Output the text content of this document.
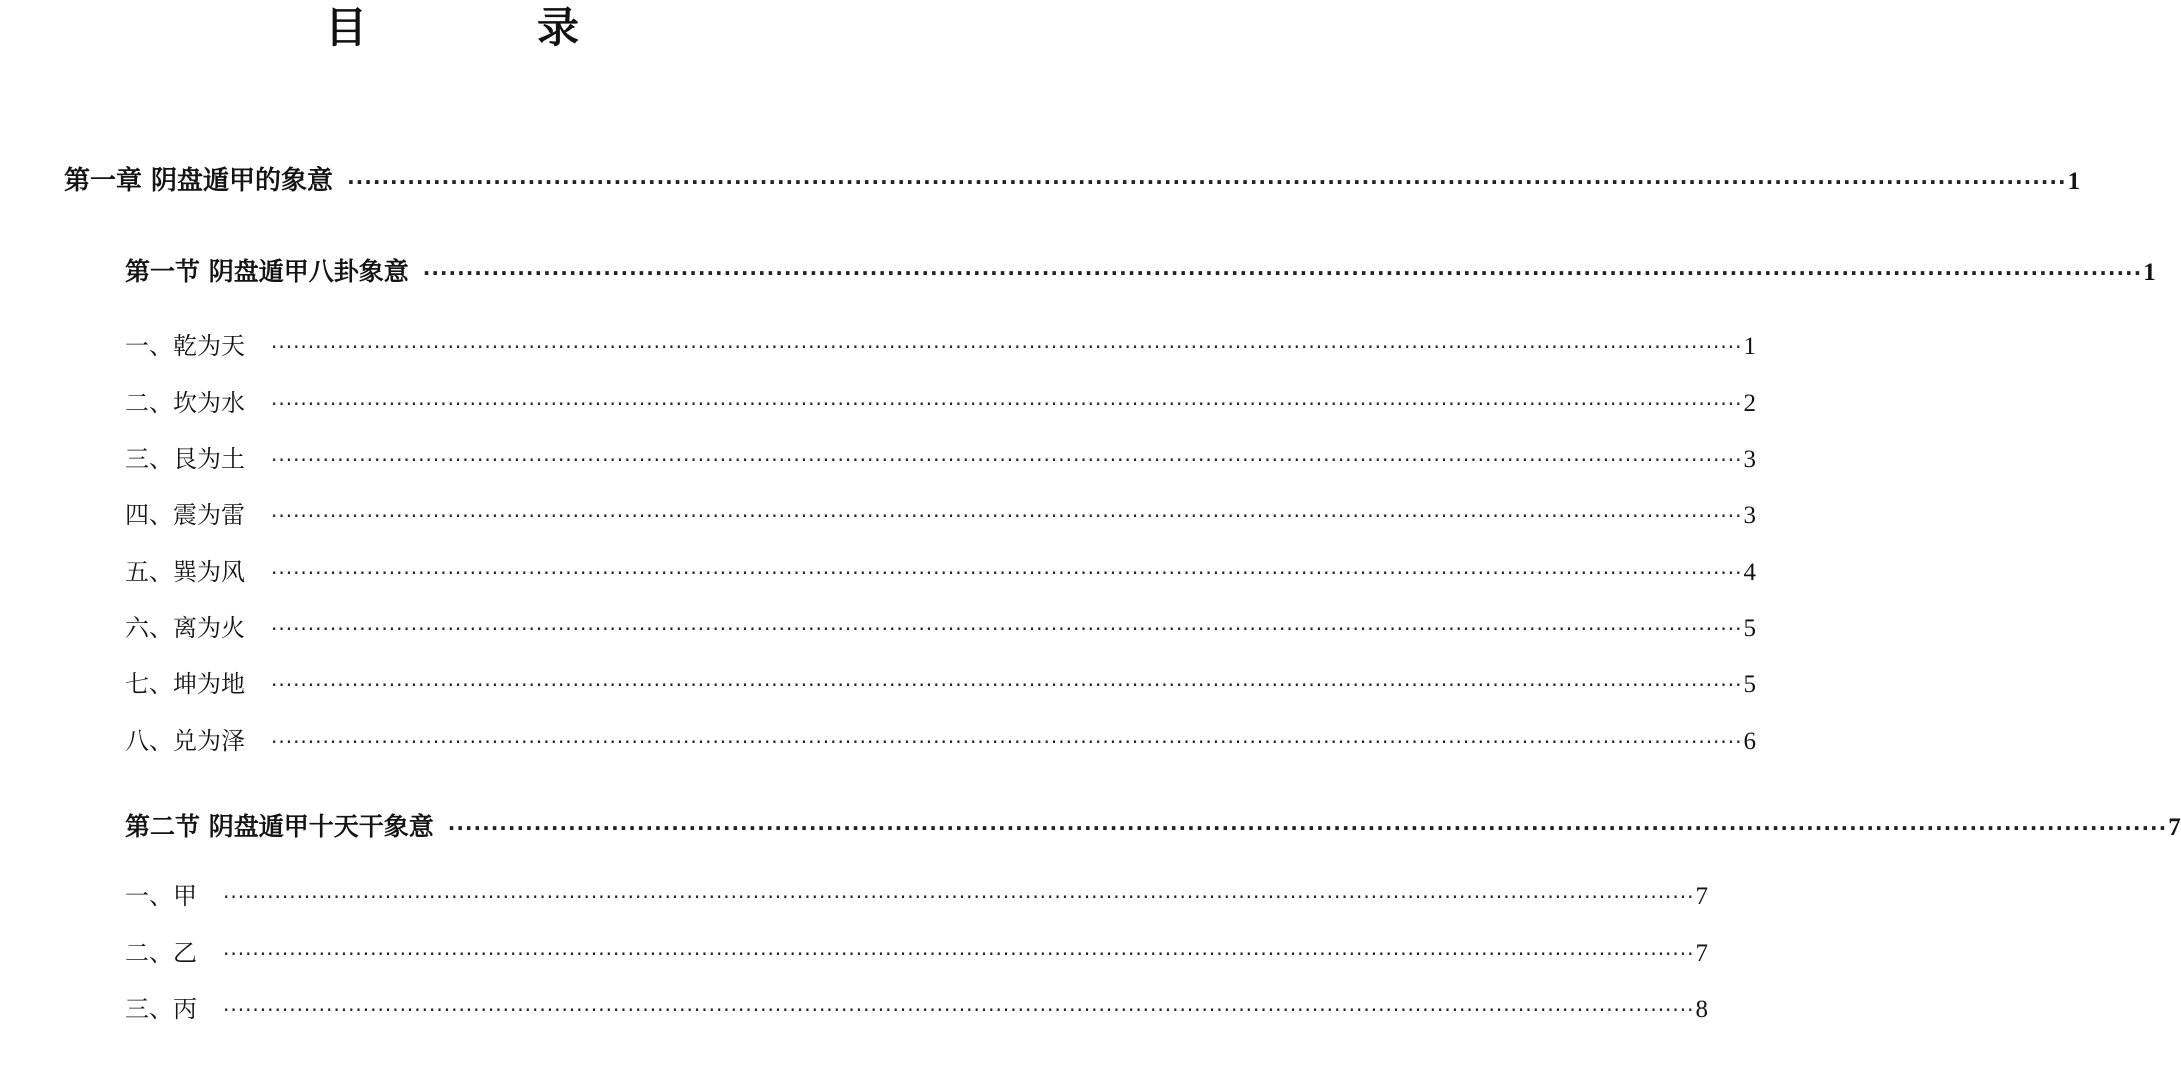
目　录
第一章 阴盘遁甲的象意 ········································································································································································································ 1
第一节 阴盘遁甲八卦象意 ········································································································································································································ 1
一、乾为天	········································································································································································································ 1
二、坎为水	········································································································································································································ 2
三、艮为土	········································································································································································································ 3
四、震为雷	········································································································································································································ 3
五、巽为风	········································································································································································································ 4
六、离为火	········································································································································································································ 5
七、坤为地	········································································································································································································ 5
八、兑为泽	········································································································································································································ 6
第二节 阴盘遁甲十天干象意 ········································································································································································································ 7
一、甲	········································································································································································································ 7
二、乙	········································································································································································································ 7
三、丙	········································································································································································································ 8
